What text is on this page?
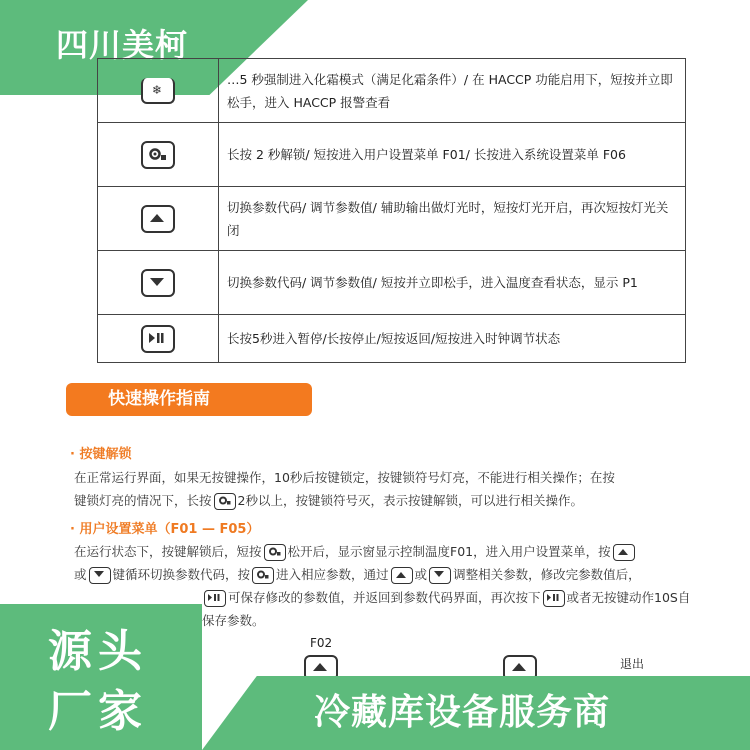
四川美柯
❄	…5 秒强制进入化霜模式（满足化霜条件）/ 在 HACCP 功能启用下，短按并立即松手，进入 HACCP 报警查看

	长按 2 秒解锁/ 短按进入用户设置菜单 F01/ 长按进入系统设置菜单 F06

	切换参数代码/ 调节参数值/ 辅助输出做灯光时，短按灯光开启，再次短按灯光关闭

	切换参数代码/ 调节参数值/ 短按并立即松手，进入温度查看状态，显示 P1

	长按5秒进入暂停/长按停止/短按返回/短按进入时钟调节状态
快速操作指南
· 按键解锁
在正常运行界面，如果无按键操作，10秒后按键锁定，按键锁符号灯亮，不能进行相关操作；在按
键锁灯亮的情况下，长按 2秒以上，按键锁符号灭，表示按键解锁，可以进行相关操作。
· 用户设置菜单（F01 — F05）
在运行状态下，按键解锁后，短按 松开后，显示窗显示控制温度F01，进入用户设置菜单，按
或 键循环切换参数代码，按 进入相应参数，通过 或 调整相关参数，修改完参数值后，
可保存修改的参数值，并返回到参数代码界面，再次按下 或者无按键动作10S自
保存参数。
F02
退出
源头
厂家	冷藏库设备服务商
